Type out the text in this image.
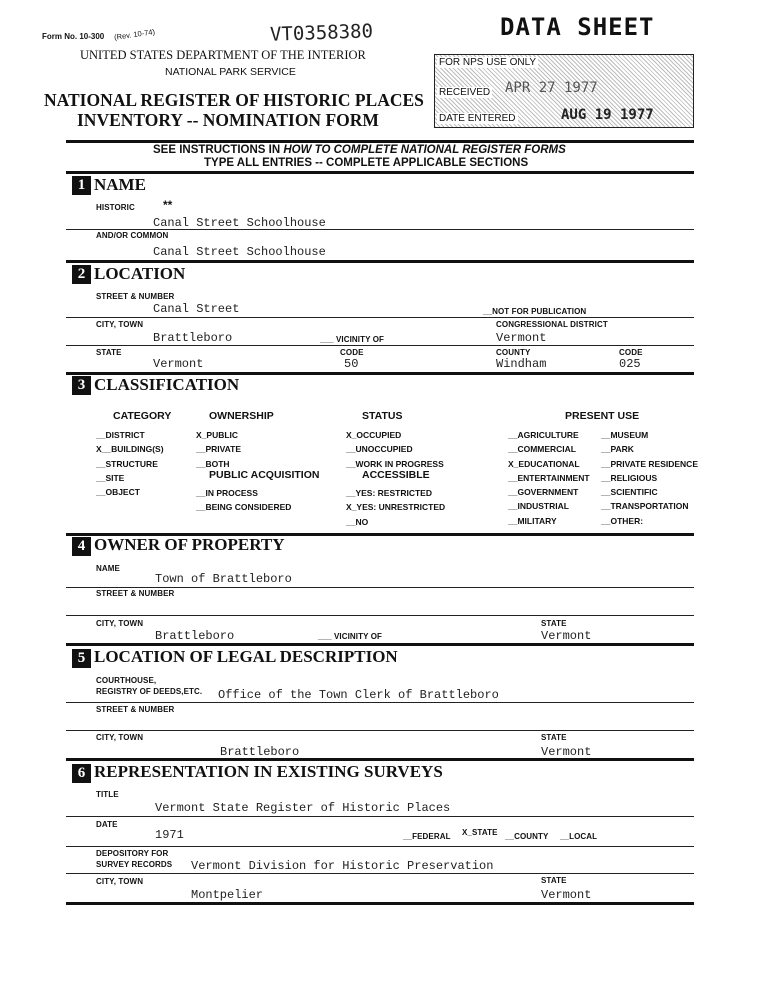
Form No. 10-300 (Rev. 10-74)	VT0358380	DATA SHEET
UNITED STATES DEPARTMENT OF THE INTERIOR
NATIONAL PARK SERVICE
NATIONAL REGISTER OF HISTORIC PLACES
INVENTORY -- NOMINATION FORM
FOR NPS USE ONLY
RECEIVED APR 27 1977
DATE ENTERED	AUG 19 1977
SEE INSTRUCTIONS IN HOW TO COMPLETE NATIONAL REGISTER FORMS
TYPE ALL ENTRIES -- COMPLETE APPLICABLE SECTIONS
1 NAME
HISTORIC **
Canal Street Schoolhouse
AND/OR COMMON
Canal Street Schoolhouse
2 LOCATION
STREET & NUMBER
Canal Street	__NOT FOR PUBLICATION
CITY, TOWN	CONGRESSIONAL DISTRICT
Brattleboro	___ VICINITY OF	Vermont
STATE	CODE	COUNTY	CODE
Vermont	50	Windham	025
3 CLASSIFICATION
CATEGORY
__DISTRICT
X__BUILDING(S)
__STRUCTURE
__SITE
__OBJECT
OWNERSHIP
X_PUBLIC
__PRIVATE
__BOTH
PUBLIC ACQUISITION
__IN PROCESS
__BEING CONSIDERED
STATUS
X_OCCUPIED
__UNOCCUPIED
__WORK IN PROGRESS
ACCESSIBLE
__YES: RESTRICTED
X_YES: UNRESTRICTED
__NO
PRESENT USE
__AGRICULTURE
__COMMERCIAL
X_EDUCATIONAL
__ENTERTAINMENT
__GOVERNMENT
__INDUSTRIAL
__MILITARY
__MUSEUM
__PARK
__PRIVATE RESIDENCE
__RELIGIOUS
__SCIENTIFIC
__TRANSPORTATION
__OTHER:
4 OWNER OF PROPERTY
NAME
Town of Brattleboro
STREET & NUMBER
CITY, TOWN	STATE
Brattleboro	___ VICINITY OF	Vermont
5 LOCATION OF LEGAL DESCRIPTION
COURTHOUSE,
REGISTRY OF DEEDS,ETC. Office of the Town Clerk of Brattleboro
STREET & NUMBER
CITY, TOWN	STATE
Brattleboro	Vermont
6 REPRESENTATION IN EXISTING SURVEYS
TITLE
Vermont State Register of Historic Places
DATE
1971	__FEDERAL X_STATE __COUNTY __LOCAL
DEPOSITORY FOR
SURVEY RECORDS Vermont Division for Historic Preservation
CITY, TOWN	STATE
Montpelier	Vermont
